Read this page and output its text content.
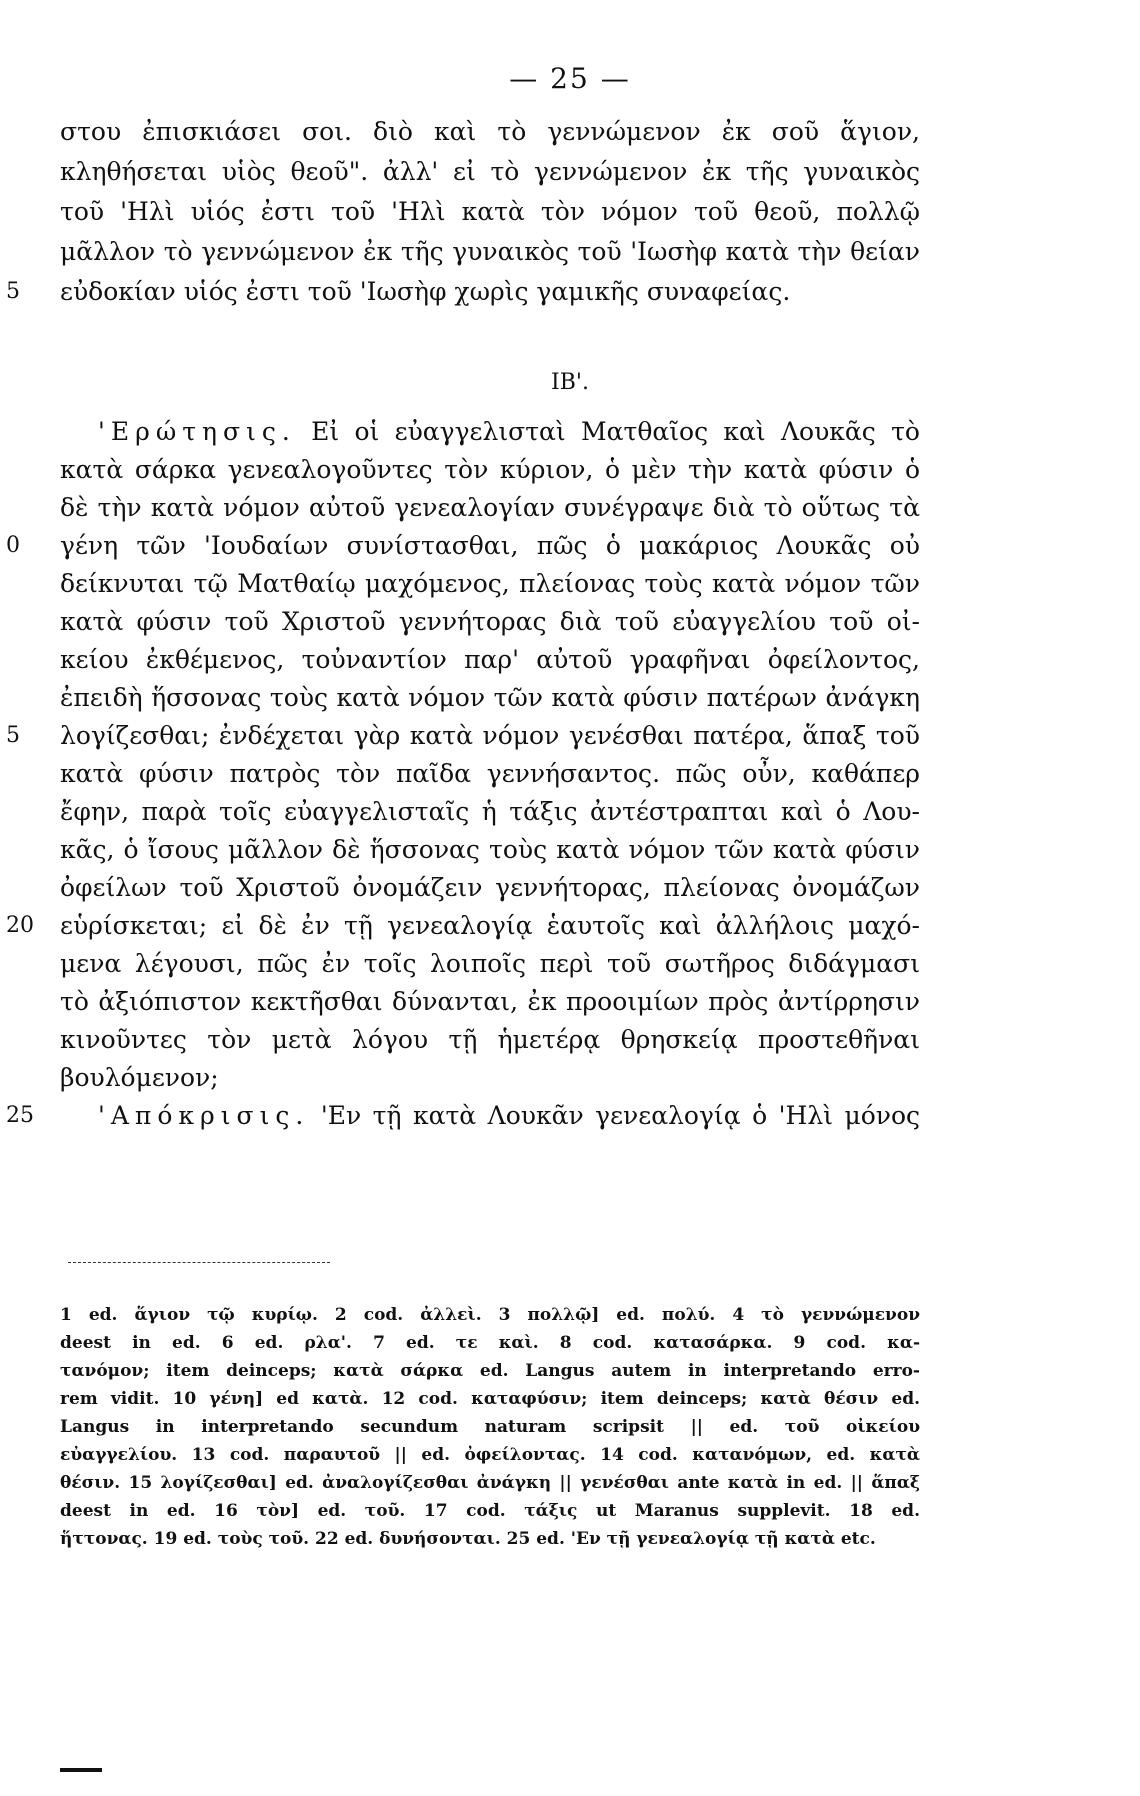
— 25 —
στου ἐπισκιάσει σοι. διὸ καὶ τὸ γεννώμενον ἐκ σοῦ ἅγιον,
κληθήσεται υἱὸς θεοῦ". ἀλλ' εἰ τὸ γεννώμενον ἐκ τῆς γυναικὸς
τοῦ 'Ηλὶ υἱός ἐστι τοῦ 'Ηλὶ κατὰ τὸν νόμον τοῦ θεοῦ, πολλῷ
μᾶλλον τὸ γεννώμενον ἐκ τῆς γυναικὸς τοῦ 'Ιωσὴφ κατὰ τὴν θείαν
5 εὐδοκίαν υἱός ἐστι τοῦ 'Ιωσὴφ χωρὶς γαμικῆς συναφείας.
ΙΒ'.
'Ερώτησις. Εἰ οἱ εὐαγγελισταὶ Ματθαῖος καὶ Λουκᾶς τὸ
κατὰ σάρκα γενεαλογοῦντες τὸν κύριον, ὁ μὲν τὴν κατὰ φύσιν ὁ
δὲ τὴν κατὰ νόμον αὐτοῦ γενεαλογίαν συνέγραψε διὰ τὸ οὕτως τὰ
0 γένη τῶν 'Ιουδαίων συνίστασθαι, πῶς ὁ μακάριος Λουκᾶς οὐ
δείκνυται τῷ Ματθαίῳ μαχόμενος, πλείονας τοὺς κατὰ νόμον τῶν
κατὰ φύσιν τοῦ Χριστοῦ γεννήτορας διὰ τοῦ εὐαγγελίου τοῦ οἰ-
κείου ἐκθέμενος, τοὐναντίον παρ' αὐτοῦ γραφῆναι ὀφείλοντος,
ἐπειδὴ ἥσσονας τοὺς κατὰ νόμον τῶν κατὰ φύσιν πατέρων ἀνάγκη
5 λογίζεσθαι; ἐνδέχεται γὰρ κατὰ νόμον γενέσθαι πατέρα, ἅπαξ τοῦ
κατὰ φύσιν πατρὸς τὸν παῖδα γεννήσαντος. πῶς οὖν, καθάπερ
ἔφην, παρὰ τοῖς εὐαγγελισταῖς ἡ τάξις ἀντέστραπται καὶ ὁ Λου-
κᾶς, ὁ ἴσους μᾶλλον δὲ ἥσσονας τοὺς κατὰ νόμον τῶν κατὰ φύσιν
ὀφείλων τοῦ Χριστοῦ ὀνομάζειν γεννήτορας, πλείονας ὀνομάζων
20 εὑρίσκεται; εἰ δὲ ἐν τῇ γενεαλογίᾳ ἑαυτοῖς καὶ ἀλλήλοις μαχό-
μενα λέγουσι, πῶς ἐν τοῖς λοιποῖς περὶ τοῦ σωτῆρος διδάγμασι
τὸ ἀξιόπιστον κεκτῆσθαι δύνανται, ἐκ προοιμίων πρὸς ἀντίρρησιν
κινοῦντες τὸν μετὰ λόγου τῇ ἡμετέρᾳ θρησκείᾳ προστεθῆναι
βουλόμενον;
25	'Απόκρισις. 'Εν τῇ κατὰ Λουκᾶν γενεαλογίᾳ ὁ 'Ηλὶ μόνος
1 ed. ἅγιον τῷ κυρίῳ. 2 cod. ἀλλεὶ. 3 πολλῷ] ed. πολύ. 4 τὸ γεννώμενον
deest in ed. 6 ed. ρλα'. 7 ed. τε καὶ. 8 cod. κατασάρκα. 9 cod. κα-
τανόμον; item deinceps; κατὰ σάρκα ed. Langus autem in interpretando erro-
rem vidit. 10 γένη] ed κατὰ. 12 cod. καταφύσιν; item deinceps; κατὰ θέσιν ed.
Langus in interpretando secundum naturam scripsit || ed. τοῦ οἰκείου
εὐαγγελίου. 13 cod. παραυτοῦ || ed. ὀφείλοντας. 14 cod. κατανόμων, ed. κατὰ
θέσιν. 15 λογίζεσθαι] ed. ἀναλογίζεσθαι ἀνάγκη || γενέσθαι ante κατὰ in ed. || ἅπαξ
deest in ed. 16 τὸν] ed. τοῦ. 17 cod. τάξις ut Maranus supplevit. 18 ed.
ἥττονας. 19 ed. τοὺς τοῦ. 22 ed. δυνήσονται. 25 ed. 'Εν τῇ γενεαλογίᾳ τῇ κατὰ etc.
